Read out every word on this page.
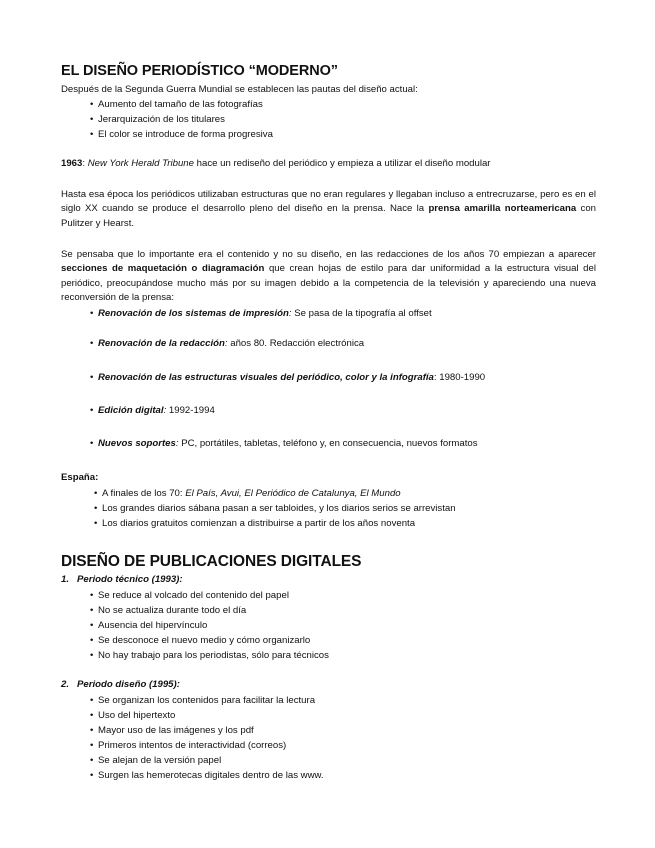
EL DISEÑO PERIODÍSTICO “MODERNO”

Después de la Segunda Guerra Mundial se establecen las pautas del diseño actual:

• Aumento del tamaño de las fotografías
• Jerarquización de los titulares
• El color se introduce de forma progresiva

1963: New York Herald Tribune hace un rediseño del periódico y empieza a utilizar el diseño modular

Hasta esa época los periódicos utilizaban estructuras que no eran regulares y llegaban incluso a entrecruzarse, pero es en el siglo XX cuando se produce el desarrollo pleno del diseño en la prensa. Nace la prensa amarilla norteamericana con Pulitzer y Hearst.

Se pensaba que lo importante era el contenido y no su diseño, en las redacciones de los años 70 empiezan a aparecer secciones de maquetación o diagramación que crean hojas de estilo para dar uniformidad a la estructura visual del periódico, preocupándose mucho más por su imagen debido a la competencia de la televisión y apareciendo una nueva reconversión de la prensa:

• Renovación de los sistemas de impresión: Se pasa de la tipografía al offset
• Renovación de la redacción: años 80. Redacción electrónica
• Renovación de las estructuras visuales del periódico, color y la infografía: 1980-1990
• Edición digital: 1992-1994
• Nuevos soportes: PC, portátiles, tabletas, teléfono y, en consecuencia, nuevos formatos

España:

• A finales de los 70: El País, Avui, El Periódico de Catalunya, El Mundo
• Los grandes diarios sábana pasan a ser tabloides, y los diarios serios se arrevistan
• Los diarios gratuitos comienzan a distribuirse a partir de los años noventa
DISEÑO DE PUBLICACIONES DIGITALES

1. Periodo técnico (1993):

• Se reduce al volcado del contenido del papel
• No se actualiza durante todo el día
• Ausencia del hipervínculo
• Se desconoce el nuevo medio y cómo organizarlo
• No hay trabajo para los periodistas, sólo para técnicos

2. Periodo diseño (1995):

• Se organizan los contenidos para facilitar la lectura
• Uso del hipertexto
• Mayor uso de las imágenes y los pdf
• Primeros intentos de interactividad (correos)
• Se alejan de la versión papel
• Surgen las hemerotecas digitales dentro de las www.
